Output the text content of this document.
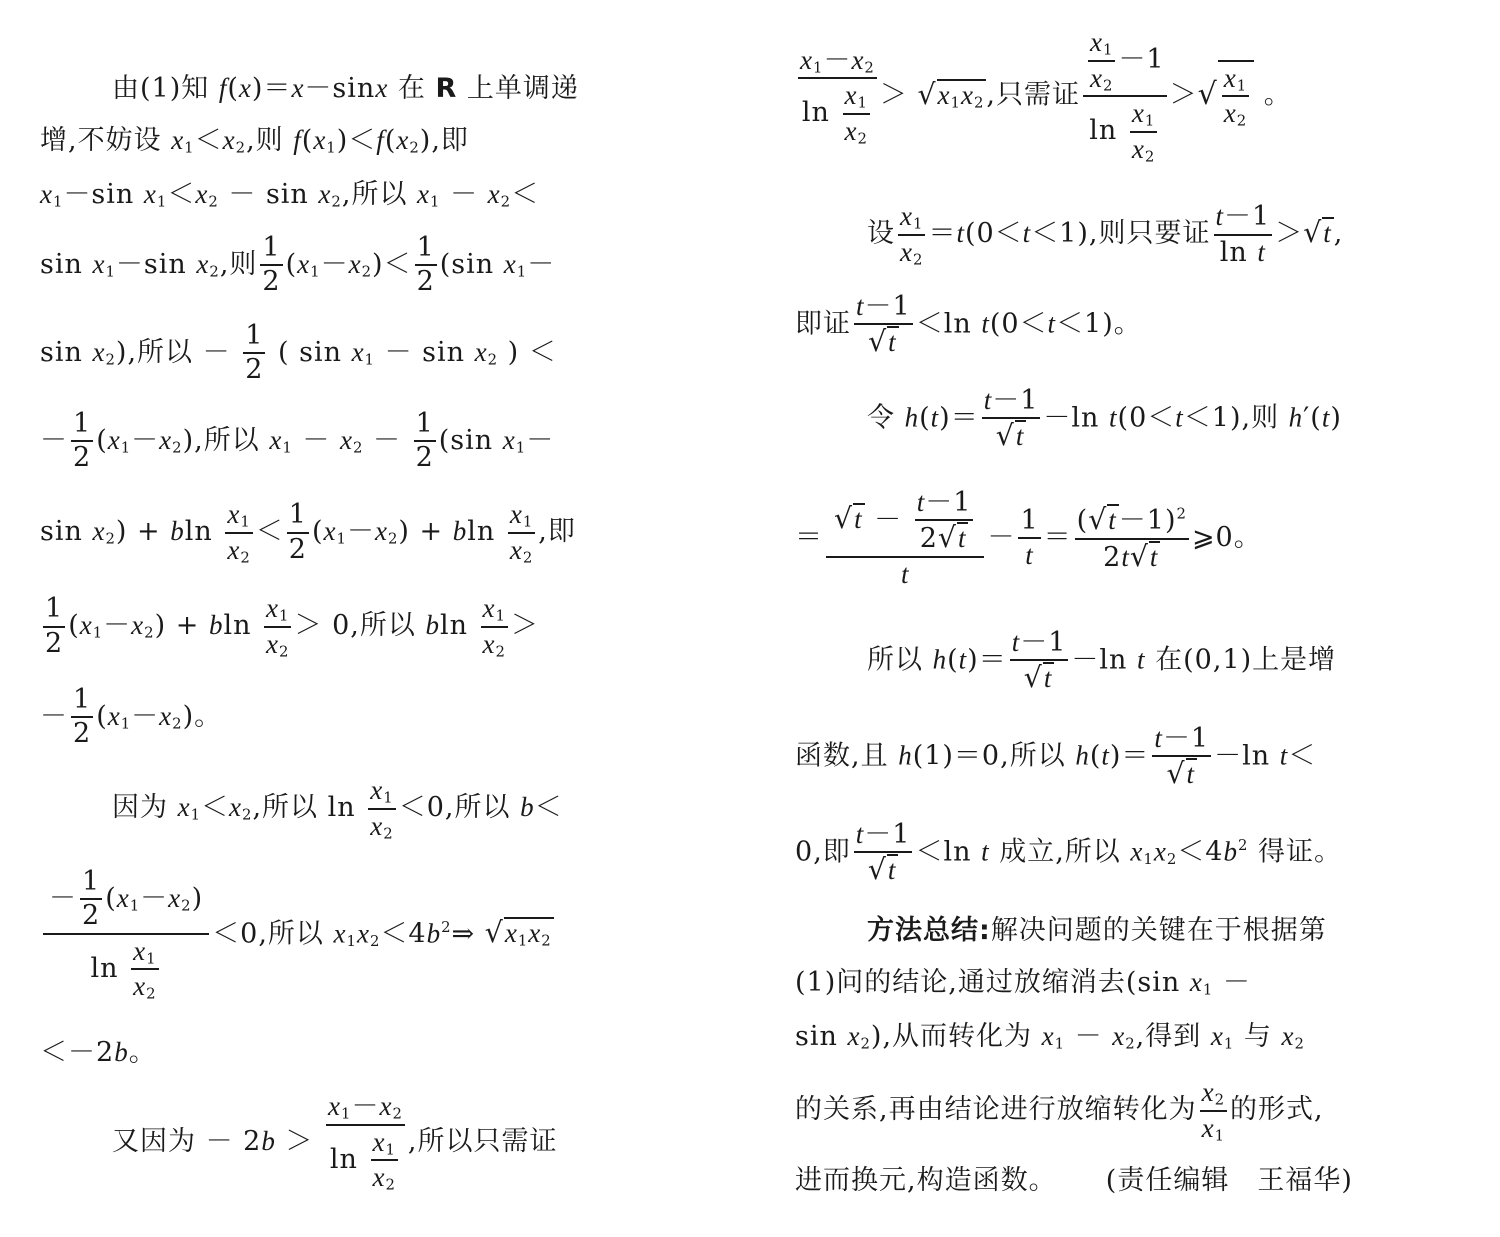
由(1)知 f(x)＝x－sinx 在 R 上单调递
增,不妨设 $x_1<x_2$,则 $f(x_1)<f(x_2)$,即
$x_1-\sin$ $x_1<x_2 - \sin x_2$,所以 $x_1 - x_2<$
$\sin x_1-\sin$ $x_2$,则 $\frac{1}{2} (x_1-x_2)< \frac{1}{2} (\sin$ $x_1-$
$\sin x_2$),所以 － $\frac{1}{2}$ ( $\sin x_1 - \sin x_2$ ) ＜
－ $\frac{1}{2} (x_1-x_2)$,所以 $x_1 - x_2 - \frac{1}{2} (\sin$ $x_1-$
$\sin x_2) + bln \frac{x_1}{x_2} < \frac{1}{2} (x_1-x_2) + bln \frac{x_1}{x_2}$ ,即
$\frac{1}{2} (x_1-x_2) + bln \frac{x_1}{x_2} > 0$,所以 bln $\frac{x_1}{x_2}$ ＞
－ $\frac{1}{2} (x_1-x_2)$。
因为 $x_1<x_2$,所以 $\ln \frac{x_1}{x_2} <0$,所以 b＜
$\frac{- \frac{1}{2} (x_1-x_2)}{\ln \frac{x_1}{x_2}} <0$,所以 $x_1x_2<4b^2\Rightarrow$ $√x_1x_2$
＜－2b。
又因为 － $2b > \frac{x_1-x_2}{\ln \frac{x_1}{x_2}}$ ,所以只需证
$\frac{x_1-x_2}{\ln \frac{x_1}{x_2}} > √x_1x_2$,只需证 $\frac{\frac{x_1}{x_2} -1}{\ln \frac{x_1}{x_2}}$ ＞√ $\frac{x_1}{x_2}$ 。
设 $\frac{x_1}{x_2} =t(0<t<1)$,则只要证 $\frac{t-1}{\text{ln t}} >√t$,
即证 $\frac{t-1}{√t} <\ln$ t(0＜t＜1)。
令 $h(t)= \frac{t-1}{√t} -\ln$ t(0＜t＜1),则 h′(t)
＝ $\frac{√t - \frac{t-1}{2√t}}{t} - \frac{1}{t} = \frac{(√t-1)^2}{2t√t}$ ⩾0。
所以 $h(t)= \frac{t-1}{√t} -\ln$ t 在(0,1)上是增
函数,且 h(1)＝0,所以 $h(t)= \frac{t-1}{√t} -\ln$ t＜
0,即 $\frac{t-1}{√t} <\ln$ t 成立,所以 $x_1x_2<4b^2$ 得证。
方法总结:解决问题的关键在于根据第
(1)问的结论,通过放缩消去(sin $x_1$ －
$\sin x_2$),从而转化为 $x_1 - x_2$,得到 $x_1$ 与 $x_2$
的关系,再由结论进行放缩转化为 $\frac{x_2}{x_1}$ 的形式,
进而换元,构造函数。 (责任编辑　王福华)
